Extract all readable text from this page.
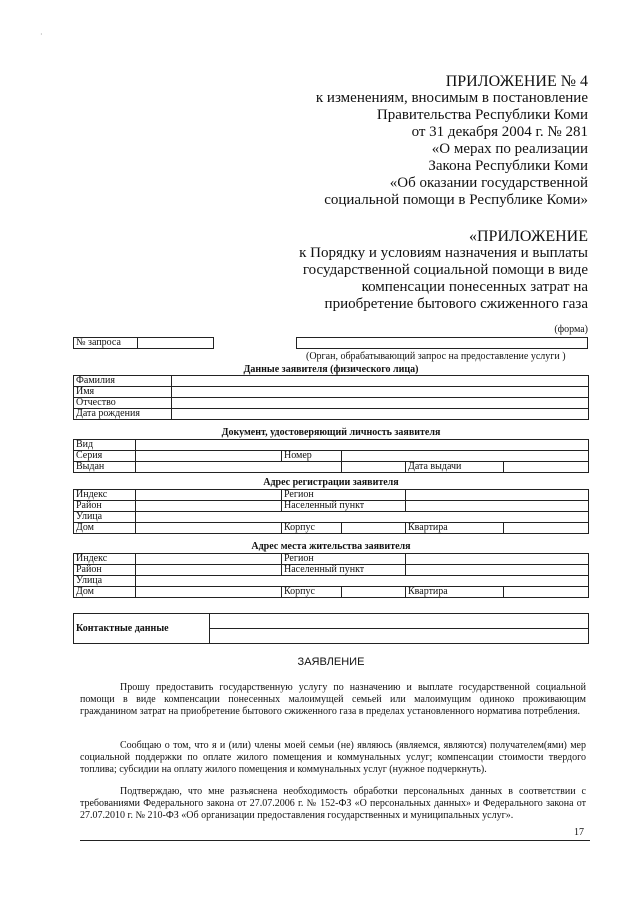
·
ПРИЛОЖЕНИЕ № 4
к изменениям, вносимым в постановление
Правительства Республики Коми
от 31 декабря 2004 г. № 281
«О мерах по реализации
Закона Республики Коми
«Об оказании государственной
социальной помощи в Республике Коми»
«ПРИЛОЖЕНИЕ
к Порядку и условиям назначения и выплаты
государственной социальной помощи в виде
компенсации понесенных затрат на
приобретение бытового сжиженного газа
(форма)
№ запроса	
(Орган, обрабатывающий запрос на предоставление услуги )
Данные заявителя (физического лица)
Фамилия	
Имя	
Отчество	
Дата рождения	
Документ, удостоверяющий личность заявителя
Вид					
Серия		Номер			
Выдан				Дата выдачи	
Адрес регистрации заявителя
Индекс		Регион			
Район		Населенный пункт			
Улица					
Дом		Корпус		Квартира	
Адрес места жительства заявителя
Индекс		Регион			
Район		Населенный пункт			
Улица					
Дом		Корпус		Квартира	
Контактные данные	

ЗАЯВЛЕНИЕ
Прошу предоставить государственную услугу по назначению и выплате государственной социальной помощи в виде компенсации понесенных малоимущей семьей или малоимущим одиноко проживающим гражданином затрат на приобретение бытового сжиженного газа в пределах установленного норматива потребления.
Сообщаю о том, что я и (или) члены моей семьи (не) являюсь (являемся, являются) получателем(ями) мер социальной поддержки по оплате жилого помещения и коммунальных услуг; компенсации стоимости твердого топлива; субсидии на оплату жилого помещения и коммунальных услуг (нужное подчеркнуть).
Подтверждаю, что мне разъяснена необходимость обработки персональных данных в соответствии с требованиями Федерального закона от 27.07.2006 г. № 152-ФЗ «О персональных данных» и Федерального закона от 27.07.2010 г. № 210-ФЗ «Об организации предоставления государственных и муниципальных услуг».
17
